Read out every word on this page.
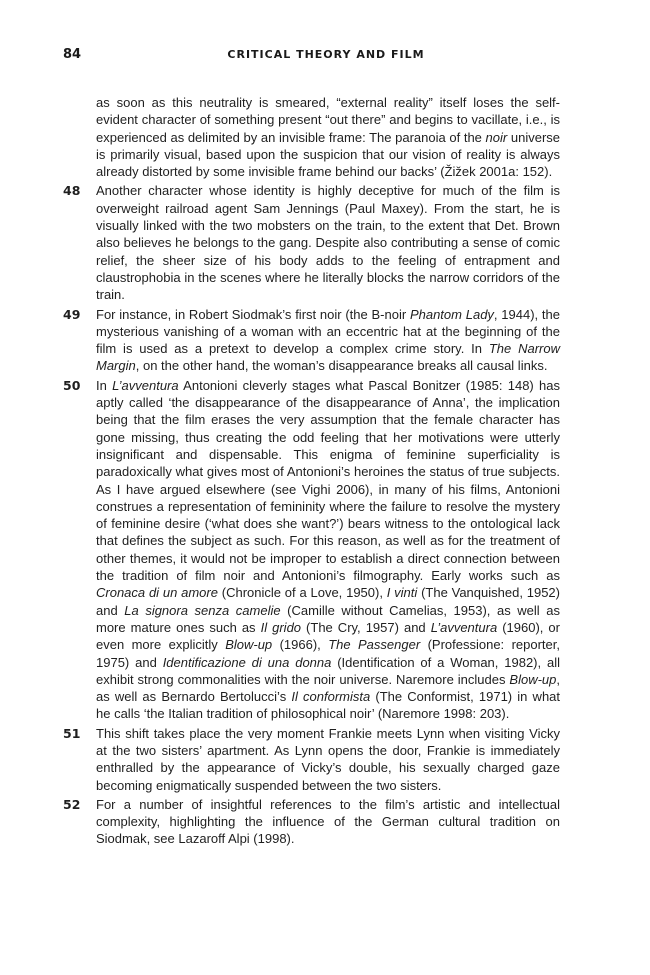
84	CRITICAL THEORY AND FILM
as soon as this neutrality is smeared, “external reality” itself loses the self-evident character of something present “out there” and begins to vacillate, i.e., is experienced as delimited by an invisible frame: The paranoia of the noir universe is primarily visual, based upon the suspicion that our vision of reality is always already distorted by some invisible frame behind our backs’ (Žižek 2001a: 152).
48 Another character whose identity is highly deceptive for much of the film is overweight railroad agent Sam Jennings (Paul Maxey). From the start, he is visually linked with the two mobsters on the train, to the extent that Det. Brown also believes he belongs to the gang. Despite also contributing a sense of comic relief, the sheer size of his body adds to the feeling of entrapment and claustrophobia in the scenes where he literally blocks the narrow corridors of the train.
49 For instance, in Robert Siodmak’s first noir (the B-noir Phantom Lady, 1944), the mysterious vanishing of a woman with an eccentric hat at the beginning of the film is used as a pretext to develop a complex crime story. In The Narrow Margin, on the other hand, the woman’s disappearance breaks all causal links.
50 In L’avventura Antonioni cleverly stages what Pascal Bonitzer (1985: 148) has aptly called ‘the disappearance of the disappearance of Anna’, the implication being that the film erases the very assumption that the female character has gone missing, thus creating the odd feeling that her motivations were utterly insignificant and dispensable. This enigma of feminine superficiality is paradoxically what gives most of Antonioni’s heroines the status of true subjects. As I have argued elsewhere (see Vighi 2006), in many of his films, Antonioni construes a representation of femininity where the failure to resolve the mystery of feminine desire (‘what does she want?’) bears witness to the ontological lack that defines the subject as such. For this reason, as well as for the treatment of other themes, it would not be improper to establish a direct connection between the tradition of film noir and Antonioni’s filmography. Early works such as Cronaca di un amore (Chronicle of a Love, 1950), I vinti (The Vanquished, 1952) and La signora senza camelie (Camille without Camelias, 1953), as well as more mature ones such as Il grido (The Cry, 1957) and L’avventura (1960), or even more explicitly Blow-up (1966), The Passenger (Professione: reporter, 1975) and Identificazione di una donna (Identification of a Woman, 1982), all exhibit strong commonalities with the noir universe. Naremore includes Blow-up, as well as Bernardo Bertolucci’s Il conformista (The Conformist, 1971) in what he calls ‘the Italian tradition of philosophical noir’ (Naremore 1998: 203).
51 This shift takes place the very moment Frankie meets Lynn when visiting Vicky at the two sisters’ apartment. As Lynn opens the door, Frankie is immediately enthralled by the appearance of Vicky’s double, his sexually charged gaze becoming enigmatically suspended between the two sisters.
52 For a number of insightful references to the film’s artistic and intellectual complexity, highlighting the influence of the German cultural tradition on Siodmak, see Lazaroff Alpi (1998).
